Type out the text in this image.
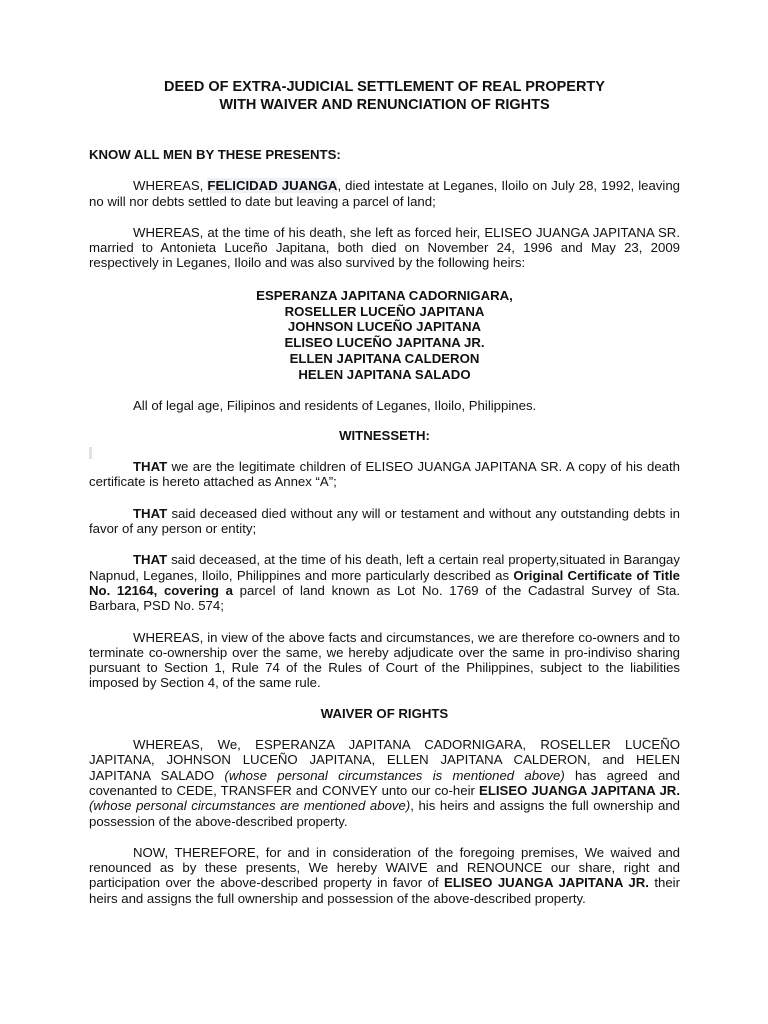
DEED OF EXTRA-JUDICIAL SETTLEMENT OF REAL PROPERTY
WITH WAIVER AND RENUNCIATION OF RIGHTS
KNOW ALL MEN BY THESE PRESENTS:

WHEREAS, FELICIDAD JUANGA, died intestate at Leganes, Iloilo on July 28, 1992, leaving no will nor debts settled to date but leaving a parcel of land;

WHEREAS, at the time of his death, she left as forced heir, ELISEO JUANGA JAPITANA SR. married to Antonieta Luceño Japitana, both died on November 24, 1996 and May 23, 2009 respectively in Leganes, Iloilo and was also survived by the following heirs:

ESPERANZA JAPITANA CADORNIGARA,
ROSELLER LUCEÑO JAPITANA
JOHNSON LUCEÑO JAPITANA
ELISEO LUCEÑO JAPITANA JR.
ELLEN JAPITANA CALDERON
HELEN JAPITANA SALADO

All of legal age, Filipinos and residents of Leganes, Iloilo, Philippines.

WITNESSETH:

THAT we are the legitimate children of ELISEO JUANGA JAPITANA SR. A copy of his death certificate is hereto attached as Annex “A”;

THAT said deceased died without any will or testament and without any outstanding debts in favor of any person or entity;

THAT said deceased, at the time of his death, left a certain real property,situated in Barangay Napnud, Leganes, Iloilo, Philippines and more particularly described as Original Certificate of Title No. 12164, covering a parcel of land known as Lot No. 1769 of the Cadastral Survey of Sta. Barbara, PSD No. 574;

WHEREAS, in view of the above facts and circumstances, we are therefore co-owners and to terminate co-ownership over the same, we hereby adjudicate over the same in pro-indiviso sharing pursuant to Section 1, Rule 74 of the Rules of Court of the Philippines, subject to the liabilities imposed by Section 4, of the same rule.

WAIVER OF RIGHTS

WHEREAS, We, ESPERANZA JAPITANA CADORNIGARA, ROSELLER LUCEÑO JAPITANA, JOHNSON LUCEÑO JAPITANA, ELLEN JAPITANA CALDERON, and HELEN JAPITANA SALADO (whose personal circumstances is mentioned above) has agreed and covenanted to CEDE, TRANSFER and CONVEY unto our co-heir ELISEO JUANGA JAPITANA JR. (whose personal circumstances are mentioned above), his heirs and assigns the full ownership and possession of the above-described property.

NOW, THEREFORE, for and in consideration of the foregoing premises, We waived and renounced as by these presents, We hereby WAIVE and RENOUNCE our share, right and participation over the above-described property in favor of ELISEO JUANGA JAPITANA JR. their heirs and assigns the full ownership and possession of the above-described property.
